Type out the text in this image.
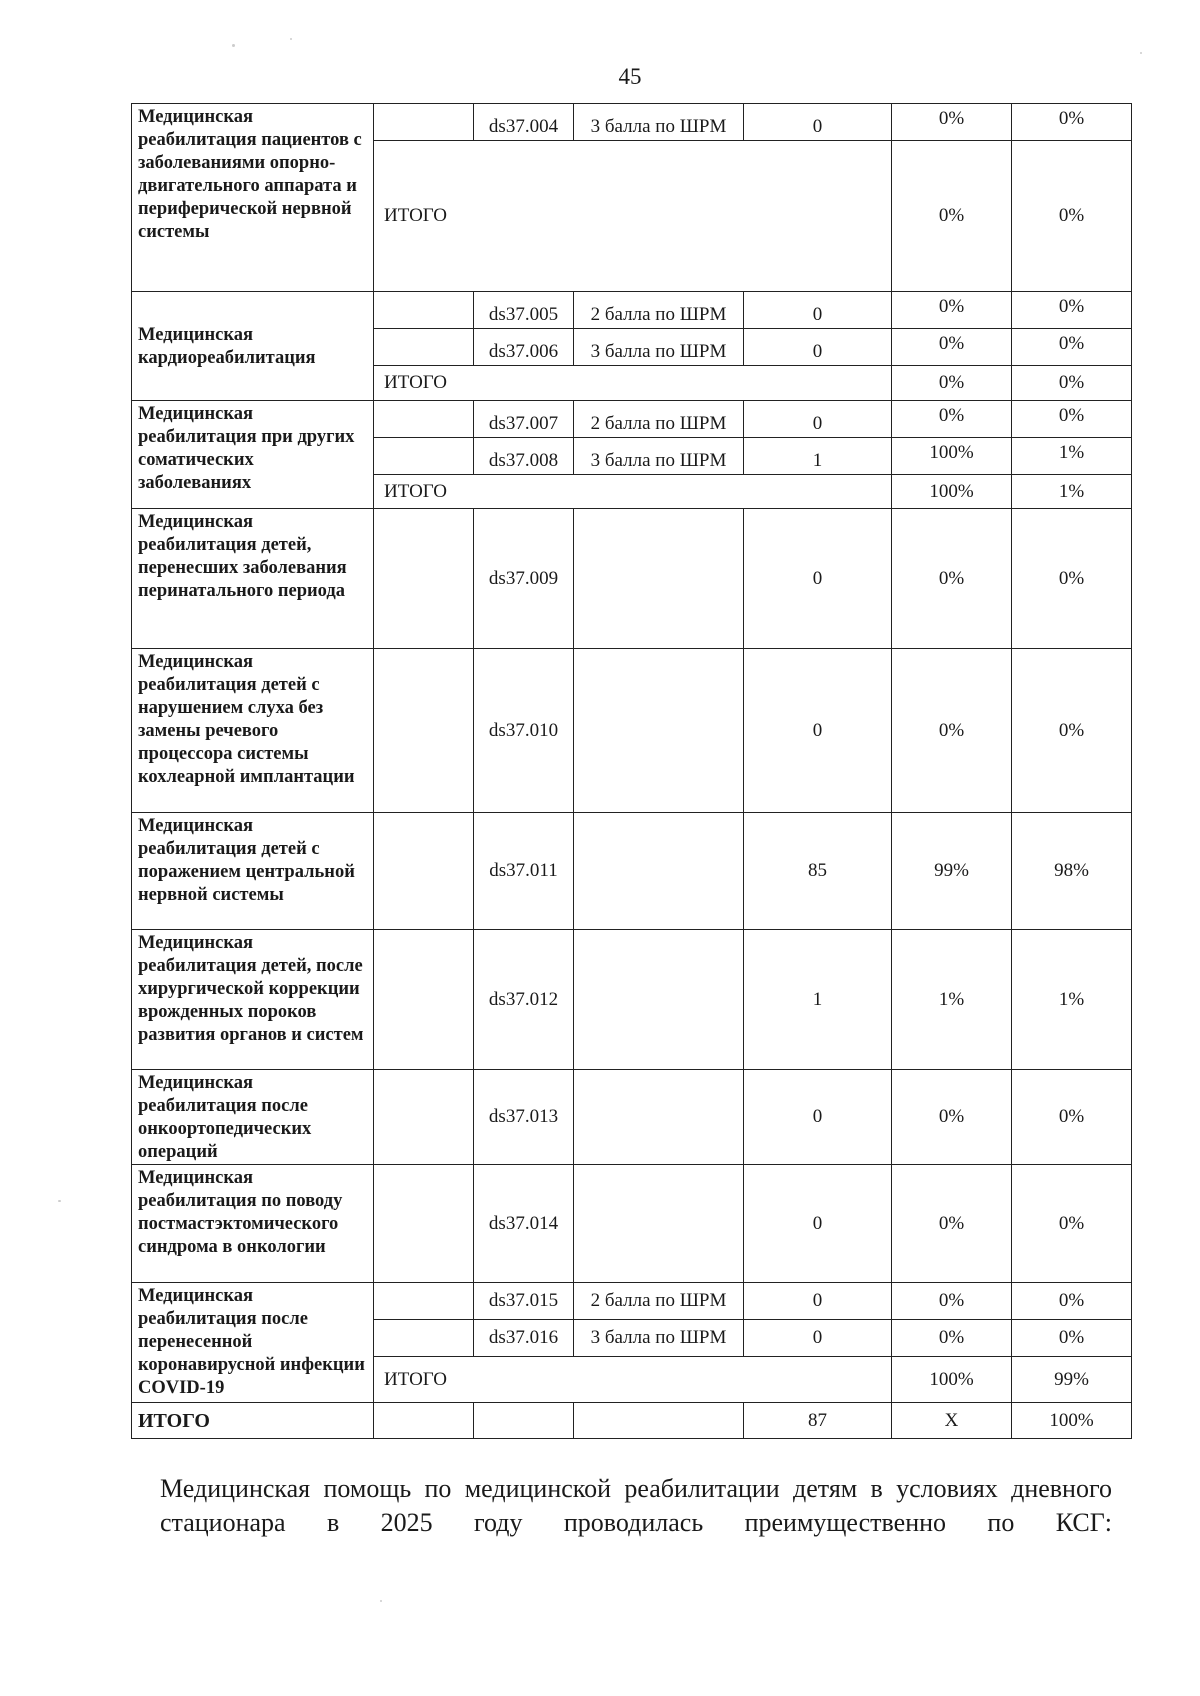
45
Медицинская реабилитация пациентов с заболеваниями опорно-двигательного аппарата и периферической нервной системы		ds37.004	3 балла по ШРМ	0	0%	0%
	ИТОГО				0%	0%
Медицинская кардиореабилитация		ds37.005	2 балла по ШРМ	0	0%	0%
		ds37.006	3 балла по ШРМ	0	0%	0%
	ИТОГО				0%	0%
Медицинская реабилитация при других соматических заболеваниях		ds37.007	2 балла по ШРМ	0	0%	0%
		ds37.008	3 балла по ШРМ	1	100%	1%
	ИТОГО				100%	1%
Медицинская реабилитация детей, перенесших заболевания перинатального периода		ds37.009		0	0%	0%
Медицинская реабилитация детей с нарушением слуха без замены речевого процессора системы кохлеарной имплантации		ds37.010		0	0%	0%
Медицинская реабилитация детей с поражением центральной нервной системы		ds37.011		85	99%	98%
Медицинская реабилитация детей, после хирургической коррекции врожденных пороков развития органов и систем		ds37.012		1	1%	1%
Медицинская реабилитация после онкоортопедических операций		ds37.013		0	0%	0%
Медицинская реабилитация по поводу постмастэктомического синдрома в онкологии		ds37.014		0	0%	0%
Медицинская реабилитация после перенесенной коронавирусной инфекции COVID-19		ds37.015	2 балла по ШРМ	0	0%	0%
		ds37.016	3 балла по ШРМ	0	0%	0%
	ИТОГО				100%	99%
ИТОГО				87	Х	100%

Медицинская помощь по медицинской реабилитации детям в условиях дневного стационара в 2025 году проводилась преимущественно по КСГ:
